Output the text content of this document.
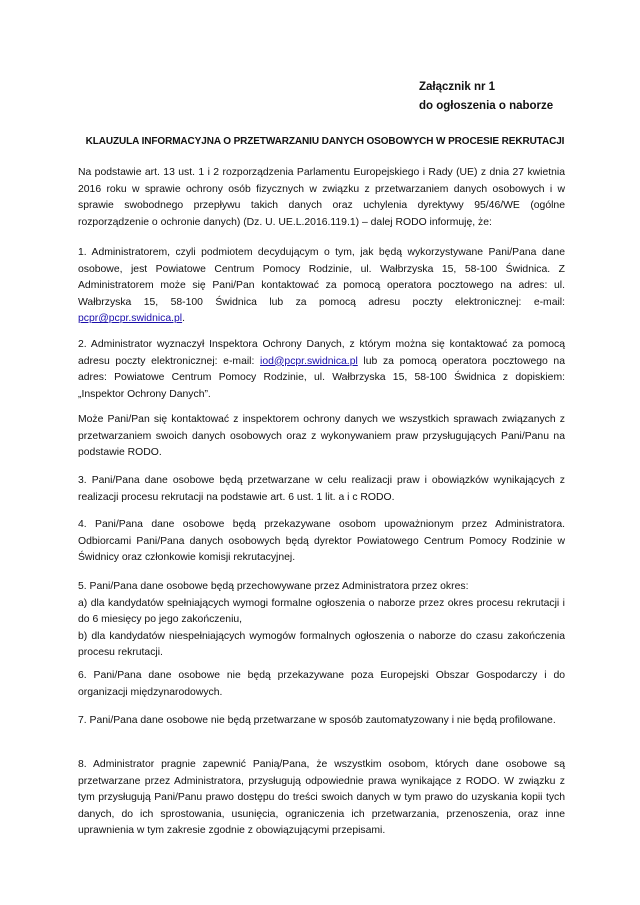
Załącznik nr 1
do ogłoszenia o naborze
KLAUZULA INFORMACYJNA O PRZETWARZANIU DANYCH OSOBOWYCH W PROCESIE REKRUTACJI
Na podstawie art. 13 ust. 1 i 2 rozporządzenia Parlamentu Europejskiego i Rady (UE) z dnia 27 kwietnia 2016 roku w sprawie ochrony osób fizycznych w związku z przetwarzaniem danych osobowych i w sprawie swobodnego przepływu takich danych oraz uchylenia dyrektywy 95/46/WE (ogólne rozporządzenie o ochronie danych) (Dz. U. UE.L.2016.119.1) – dalej RODO informuję, że:
1. Administratorem, czyli podmiotem decydującym o tym, jak będą wykorzystywane Pani/Pana dane osobowe, jest Powiatowe Centrum Pomocy Rodzinie, ul. Wałbrzyska 15, 58-100 Świdnica. Z Administratorem może się Pani/Pan kontaktować za pomocą operatora pocztowego na adres: ul. Wałbrzyska 15, 58-100 Świdnica lub za pomocą adresu poczty elektronicznej: e-mail: pcpr@pcpr.swidnica.pl.
2. Administrator wyznaczył Inspektora Ochrony Danych, z którym można się kontaktować za pomocą adresu poczty elektronicznej: e-mail: iod@pcpr.swidnica.pl lub za pomocą operatora pocztowego na adres: Powiatowe Centrum Pomocy Rodzinie, ul. Wałbrzyska 15, 58-100 Świdnica z dopiskiem: „Inspektor Ochrony Danych”.
Może Pani/Pan się kontaktować z inspektorem ochrony danych we wszystkich sprawach związanych z przetwarzaniem swoich danych osobowych oraz z wykonywaniem praw przysługujących Pani/Panu na podstawie RODO.
3. Pani/Pana dane osobowe będą przetwarzane w celu realizacji praw i obowiązków wynikających z realizacji procesu rekrutacji na podstawie art. 6 ust. 1 lit. a i c RODO.
4. Pani/Pana dane osobowe będą przekazywane osobom upoważnionym przez Administratora. Odbiorcami Pani/Pana danych osobowych będą dyrektor Powiatowego Centrum Pomocy Rodzinie w Świdnicy oraz członkowie komisji rekrutacyjnej.
5. Pani/Pana dane osobowe będą przechowywane przez Administratora przez okres:
a) dla kandydatów spełniających wymogi formalne ogłoszenia o naborze przez okres procesu rekrutacji i do 6 miesięcy po jego zakończeniu,
b) dla kandydatów niespełniających wymogów formalnych ogłoszenia o naborze do czasu zakończenia procesu rekrutacji.
6. Pani/Pana dane osobowe nie będą przekazywane poza Europejski Obszar Gospodarczy i do organizacji międzynarodowych.
7. Pani/Pana dane osobowe nie będą przetwarzane w sposób zautomatyzowany i nie będą profilowane.
8. Administrator pragnie zapewnić Panią/Pana, że wszystkim osobom, których dane osobowe są przetwarzane przez Administratora, przysługują odpowiednie prawa wynikające z RODO. W związku z tym przysługują Pani/Panu prawo dostępu do treści swoich danych w tym prawo do uzyskania kopii tych danych, do ich sprostowania, usunięcia, ograniczenia ich przetwarzania, przenoszenia, oraz inne uprawnienia w tym zakresie zgodnie z obowiązującymi przepisami.
